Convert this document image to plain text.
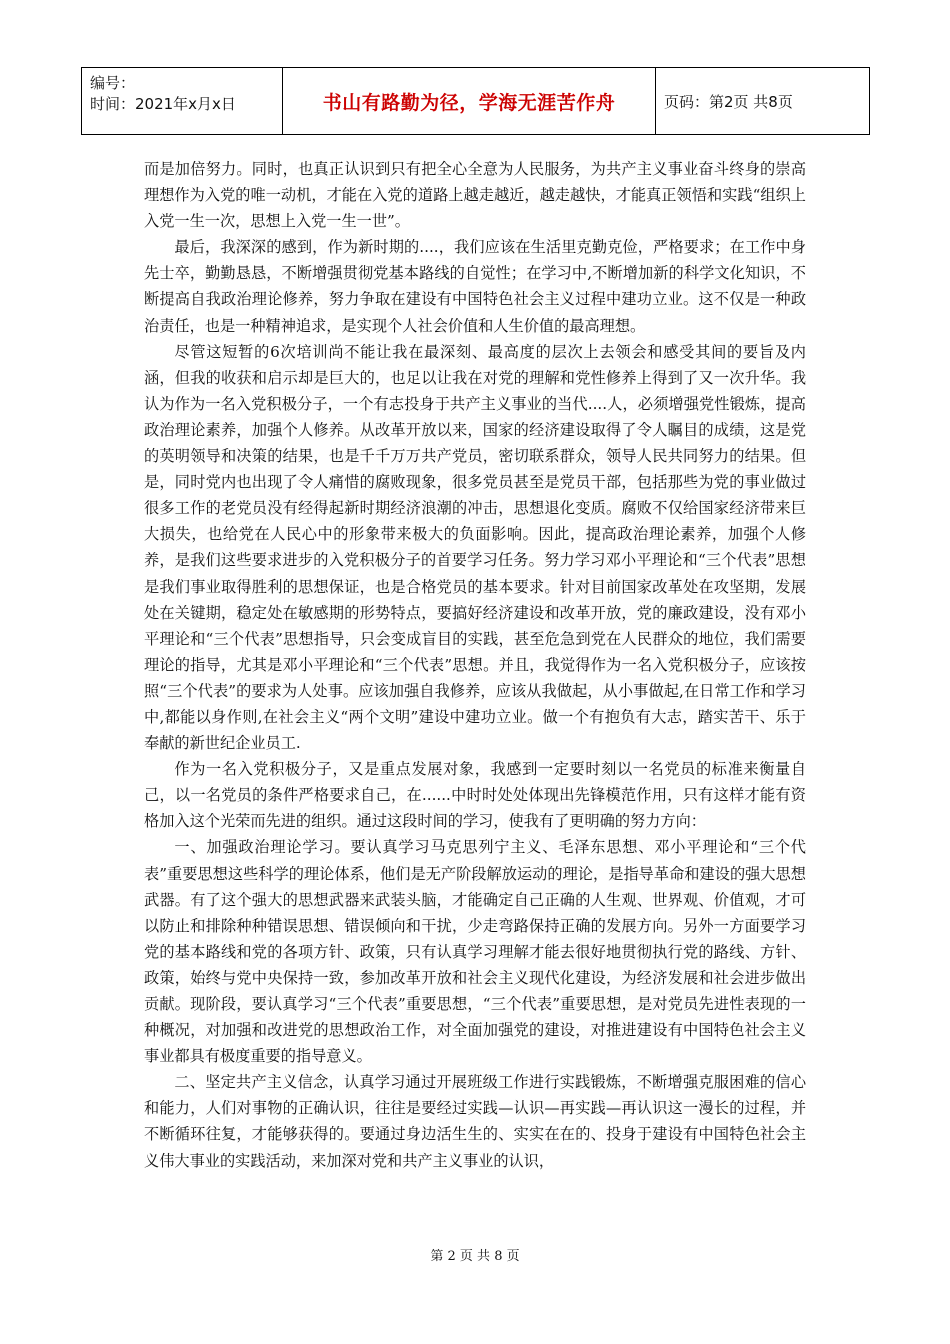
编号：
时间：2021年x月x日	书山有路勤为径，学海无涯苦作舟	页码：第2页 共8页

而是加倍努力。同时，也真正认识到只有把全心全意为人民服务，为共产主义事业奋斗终身的崇高理想作为入党的唯一动机，才能在入党的道路上越走越近，越走越快，才能真正领悟和实践“组织上入党一生一次，思想上入党一生一世”。

最后，我深深的感到，作为新时期的....，我们应该在生活里克勤克俭，严格要求；在工作中身先士卒，勤勤恳恳，不断增强贯彻党基本路线的自觉性；在学习中,不断增加新的科学文化知识，不断提高自我政治理论修养，努力争取在建设有中国特色社会主义过程中建功立业。这不仅是一种政治责任，也是一种精神追求，是实现个人社会价值和人生价值的最高理想。

尽管这短暂的6次培训尚不能让我在最深刻、最高度的层次上去领会和感受其间的要旨及内涵，但我的收获和启示却是巨大的，也足以让我在对党的理解和党性修养上得到了又一次升华。我认为作为一名入党积极分子，一个有志投身于共产主义事业的当代....人，必须增强党性锻炼，提高政治理论素养，加强个人修养。从改革开放以来，国家的经济建设取得了令人瞩目的成绩，这是党的英明领导和决策的结果，也是千千万万共产党员，密切联系群众，领导人民共同努力的结果。但是，同时党内也出现了令人痛惜的腐败现象，很多党员甚至是党员干部，包括那些为党的事业做过很多工作的老党员没有经得起新时期经济浪潮的冲击，思想退化变质。腐败不仅给国家经济带来巨大损失，也给党在人民心中的形象带来极大的负面影响。因此，提高政治理论素养，加强个人修养，是我们这些要求进步的入党积极分子的首要学习任务。努力学习邓小平理论和“三个代表”思想是我们事业取得胜利的思想保证，也是合格党员的基本要求。针对目前国家改革处在攻坚期，发展处在关键期，稳定处在敏感期的形势特点，要搞好经济建设和改革开放，党的廉政建设，没有邓小平理论和“三个代表”思想指导，只会变成盲目的实践，甚至危急到党在人民群众的地位，我们需要理论的指导，尤其是邓小平理论和“三个代表”思想。并且，我觉得作为一名入党积极分子，应该按照“三个代表”的要求为人处事。应该加强自我修养，应该从我做起，从小事做起,在日常工作和学习中,都能以身作则,在社会主义“两个文明”建设中建功立业。做一个有抱负有大志，踏实苦干、乐于奉献的新世纪企业员工.

作为一名入党积极分子，又是重点发展对象，我感到一定要时刻以一名党员的标准来衡量自己，以一名党员的条件严格要求自己，在......中时时处处体现出先锋模范作用，只有这样才能有资格加入这个光荣而先进的组织。通过这段时间的学习，使我有了更明确的努力方向：

一、加强政治理论学习。要认真学习马克思列宁主义、毛泽东思想、邓小平理论和“三个代表”重要思想这些科学的理论体系，他们是无产阶段解放运动的理论，是指导革命和建设的强大思想武器。有了这个强大的思想武器来武装头脑，才能确定自己正确的人生观、世界观、价值观，才可以防止和排除种种错误思想、错误倾向和干扰，少走弯路保持正确的发展方向。另外一方面要学习党的基本路线和党的各项方针、政策，只有认真学习理解才能去很好地贯彻执行党的路线、方针、政策，始终与党中央保持一致，参加改革开放和社会主义现代化建设，为经济发展和社会进步做出贡献。现阶段，要认真学习“三个代表”重要思想，“三个代表”重要思想，是对党员先进性表现的一种概况，对加强和改进党的思想政治工作，对全面加强党的建设，对推进建设有中国特色社会主义事业都具有极度重要的指导意义。

二、坚定共产主义信念，认真学习通过开展班级工作进行实践锻炼，不断增强克服困难的信心和能力，人们对事物的正确认识，往往是要经过实践—认识—再实践—再认识这一漫长的过程，并不断循环往复，才能够获得的。要通过身边活生生的、实实在在的、投身于建设有中国特色社会主义伟大事业的实践活动，来加深对党和共产主义事业的认识，

第 2 页 共 8 页
